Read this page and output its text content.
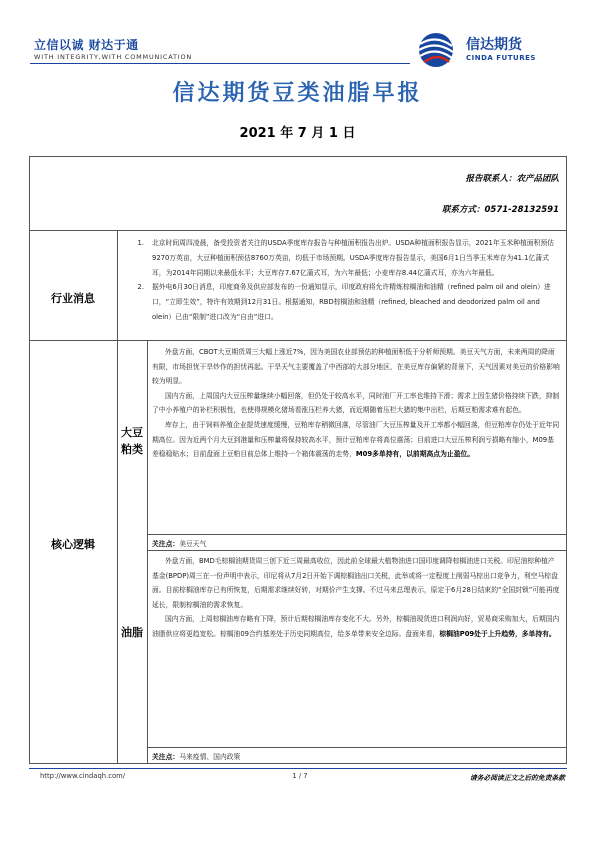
立信以诚 财达于通
WITH INTEGRITY,WITH COMMUNICATION
信达期货
CINDA FUTURES
信达期货豆类油脂早报
2021 年 7 月 1 日
报告联系人：农产品团队
联系方式：0571-28132591
行业消息
1. 北京时间周四凌晨，备受投资者关注的USDA季度库存报告与种植面积报告出炉。USDA种植面积报告显示，2021年玉米种植面积预估9270万英亩，大豆种植面积预估8760万英亩，均低于市场预期。USDA季度库存报告显示，美国6月1日当季玉米库存为41.1亿蒲式耳，为2014年同期以来最低水平；大豆库存7.67亿蒲式耳，为六年最低；小麦库存8.44亿蒲式耳，亦为六年最低。
2. 据外电6月30日消息，印度商务及供应部发布的一份通知显示，印度政府将允许精炼棕榈油和油精（refined palm oil and olein）进口，“立即生效”，特许有效期到12月31日。根据通知，RBD棕榈油和油精（refined, bleached and deodorized palm oil and olein）已由“限制”进口改为“自由”进口。
核心逻辑
大豆
粕类

外盘方面，CBOT大豆期货周三大幅上涨近7%，因为美国农业部预估的种植面积低于分析师预期。美豆天气方面，未来两周的降雨有限，市场担忧干旱炒作的担忧再起。干旱天气主要覆盖了中西部的大部分地区，在美豆库存偏紧的背景下，天气因素对美豆的价格影响较为明显。

国内方面，上周国内大豆压榨量继续小幅回落，但仍处于较高水平，同时油厂开工率也维持下滑；需求上因生猪价格持续下跌，抑制了中小养殖户的补栏积极性，也使得规模化猪场看涨压栏养大猪，而近期随着压栏大猪的集中出栏，后期豆粕需求难有起色。

库存上，由于饲料养殖企业提货速度缓慢，豆粕库存稍微回落，尽管油厂大豆压榨量及开工率都小幅回落，但豆粕库存仍处于近年同期高位。因为近两个月大豆到港量和压榨量将保持较高水平，预计豆粕库存将高位震荡；目前进口大豆压榨利润亏损略有缩小，M09基差稳稳贴水；目前盘面上豆粕目前总体上维持一个箱体震荡的走势，M09多单持有，以前期高点为止盈位。

关注点：美豆天气
油脂

外盘方面，BMD毛棕榈油期货周三创下近三周最高收位，因此前全球最大植物油进口国印度调降棕榈油进口关税。印尼油棕种植产基金(BPDP)周三在一份声明中表示，印尼将从7月2日开始下调棕榈油出口关税，此举或将一定程度上削弱马棕出口竞争力，利空马棕盘面。目前棕榈油库存已有所恢复，后期需求继续好转，对期价产生支撑。不过马来总理表示，原定于6月28日结束的“全国封锁”可能再度延长，限制棕榈油的需求恢复。

国内方面，上周棕榈油库存略有下降，预计后期棕榈油库存变化不大。另外，棕榈油现货进口利润向好，贸易商采购加大，后期国内油脂供应将更趋宽松。棕榈油09合约基差处于历史同期高位，给多单带来安全边际。盘面来看，棕榈油P09处于上升趋势，多单持有。

关注点：马来疫情、国内政策
http://www.cindaqh.com/	1 / 7	请务必阅读正文之后的免责条款
